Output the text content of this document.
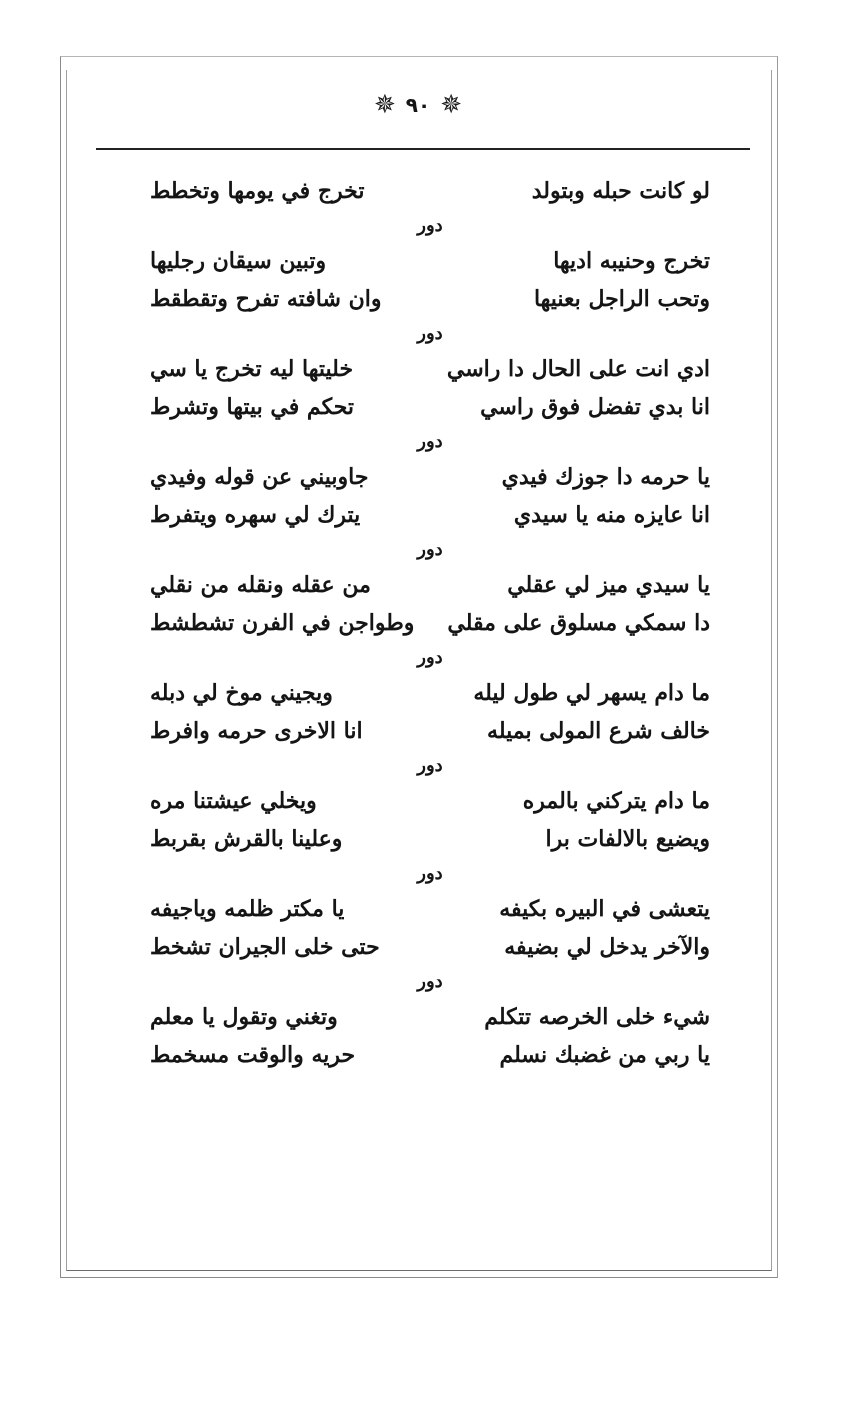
✵ ٩٠ ✵
لو كانت حبله وبتولد
تخرج في يومها وتخطط
دور
تخرج وحنيبه اديها
وتبين سيقان رجليها
وتحب الراجل بعنيها
وان شافته تفرح وتقطقط
دور
ادي انت على الحال دا راسي
خليتها ليه تخرج يا سي
انا بدي تفضل فوق راسي
تحكم في بيتها وتشرط
دور
يا حرمه دا جوزك فيدي
جاوبيني عن قوله وفيدي
انا عايزه منه يا سيدي
يترك لي سهره ويتفرط
دور
يا سيدي ميز لي عقلي
من عقله ونقله من نقلي
دا سمكي مسلوق على مقلي
وطواجن في الفرن تشطشط
دور
ما دام يسهر لي طول ليله
ويجيني موخ لي دبله
خالف شرع المولى بميله
انا الاخرى حرمه وافرط
دور
ما دام يتركني بالمره
ويخلي عيشتنا مره
ويضيع بالالفات برا
وعلينا بالقرش بقربط
دور
يتعشى في البيره بكيفه
يا مكتر ظلمه وياجيفه
والآخر يدخل لي بضيفه
حتى خلى الجيران تشخط
دور
شيء خلى الخرصه تتكلم
وتغني وتقول يا معلم
يا ربي من غضبك نسلم
حريه والوقت مسخمط
